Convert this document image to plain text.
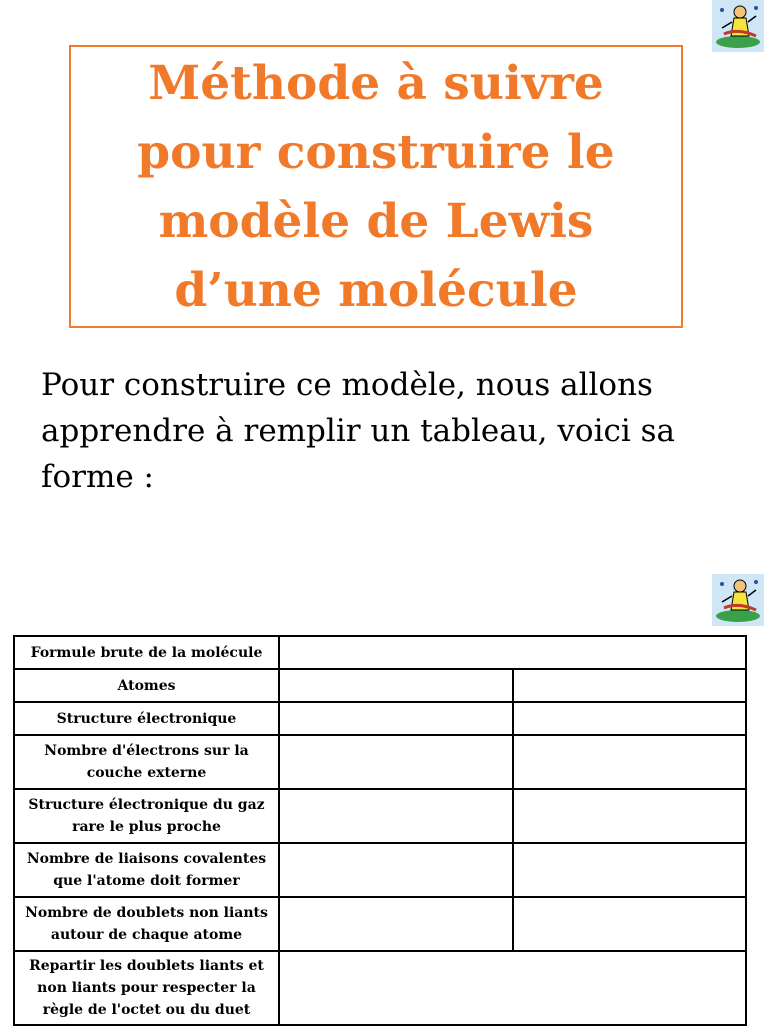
Méthode à suivre
pour construire le
modèle de Lewis
d’une molécule
Pour construire ce modèle, nous allons
apprendre à remplir un tableau, voici sa
forme :
Formule brute de la molécule		
Atomes		
Structure électronique		
Nombre d'électrons sur la couche externe		
Structure électronique du gaz rare le plus proche		
Nombre de liaisons covalentes que l'atome doit former		
Nombre de doublets non liants autour de chaque atome		
Repartir les doublets liants et non liants pour respecter la règle de l'octet ou du duet		
